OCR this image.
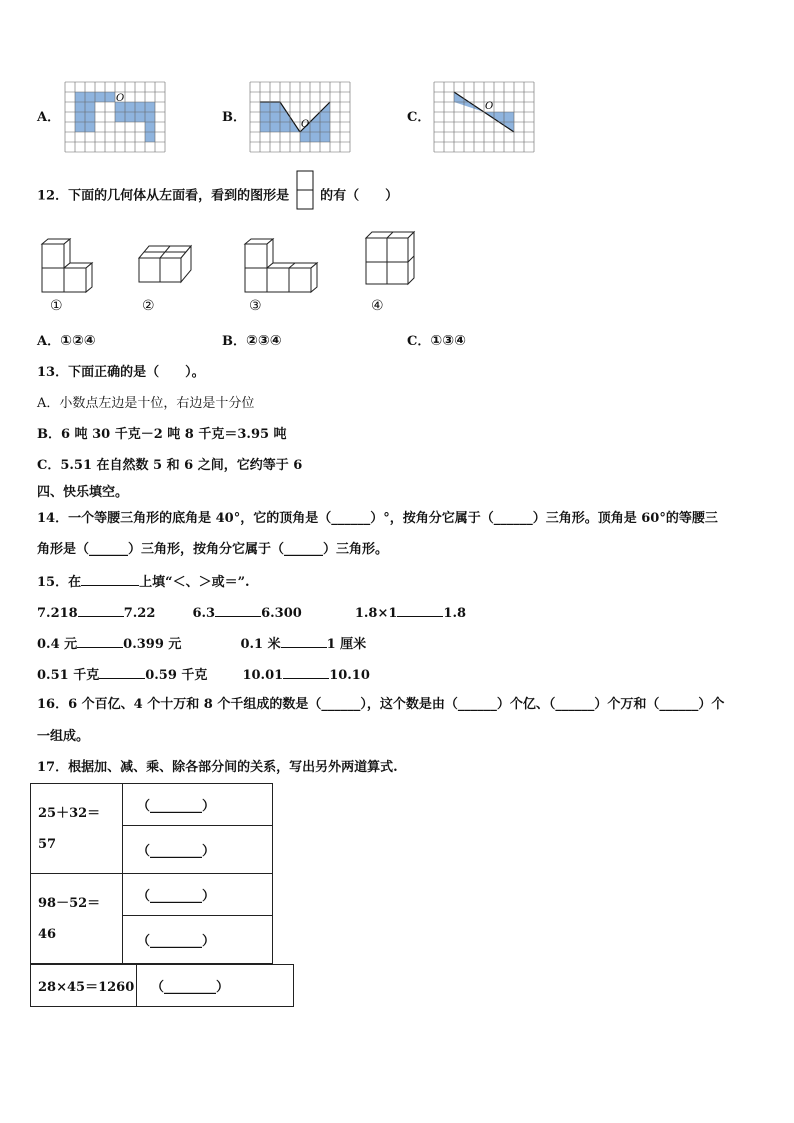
A．
O
B．	O	C．
O
12．下面的几何体从左面看，看到的图形是 的有（　　）
①	②	③	④
A．①②④	B．②③④	C．①③④
13．下面正确的是（　　）。
A．小数点左边是十位，右边是十分位
B．6 吨 30 千克－2 吨 8 千克＝3.95 吨
C．5.51 在自然数 5 和 6 之间，它约等于 6
四、快乐填空。
14．一个等腰三角形的底角是 40°，它的顶角是（______）°，按角分它属于（______）三角形。顶角是 60°的等腰三
角形是（______）三角形，按角分它属于（______）三角形。
15．在	上填“＜、＞或＝”.
7.218	7.22	6.3	6.300	1.8×1	1.8
0.4 元	0.399 元	0.1 米	1 厘米
0.51 千克	0.59 千克	10.01	10.10
16．6 个百亿、4 个十万和 8 个千组成的数是（______），这个数是由（______）个亿、（______）个万和（______）个
一组成。
17．根据加、减、乘、除各部分间的关系，写出另外两道算式.
25＋32＝
57	（________）
	（________）

98－52＝
46	（________）
	（________）
28×45＝1260	（________）
